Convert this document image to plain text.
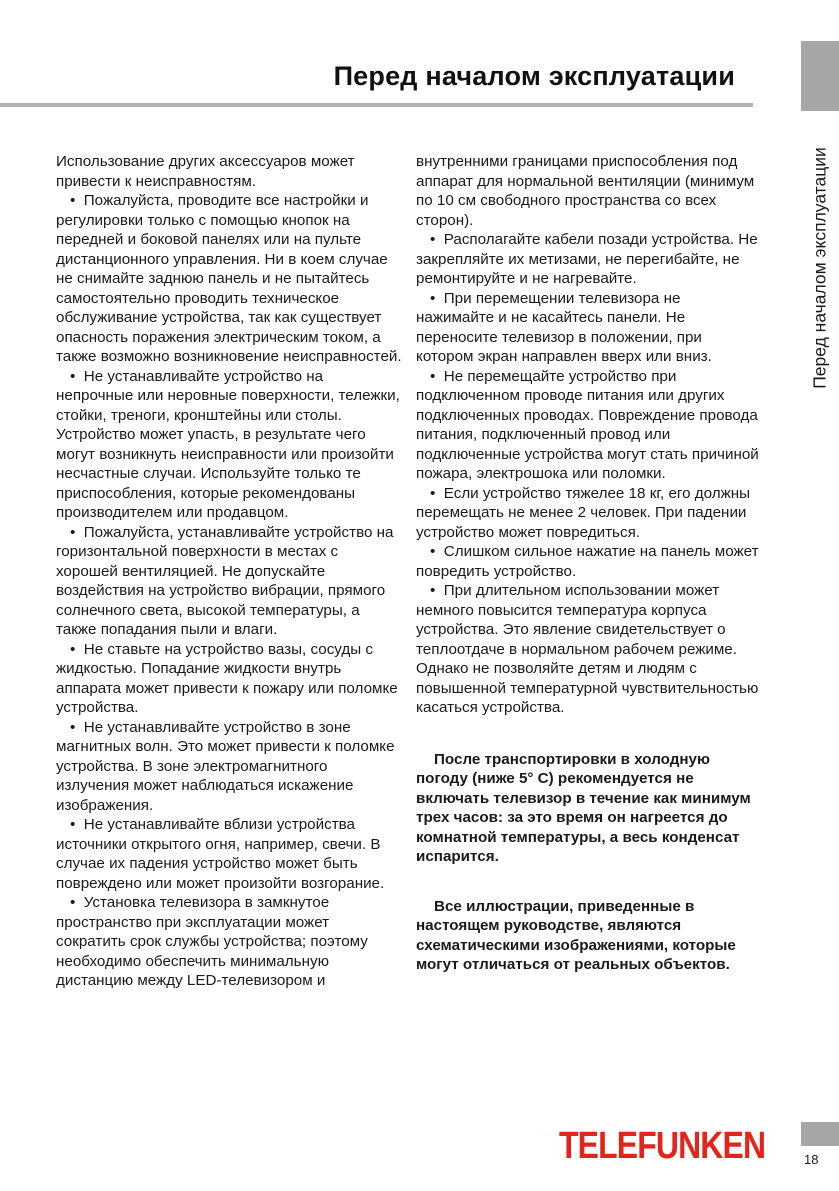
Перед началом эксплуатации
Перед началом эксплуатации

Использование других аксессуаров может привести к неисправностям.

•  Пожалуйста, проводите все настройки и регулировки только с помощью кнопок на передней и боковой панелях или на пульте дистанционного управления. Ни в коем случае не снимайте заднюю панель и не пытайтесь самостоятельно проводить техническое обслуживание устройства, так как существует опасность поражения электрическим током, а также возможно возникновение неисправностей.

•  Не устанавливайте устройство на непрочные или неровные поверхности, тележки, стойки, треноги, кронштейны или столы. Устройство может упасть, в результате чего могут возникнуть неисправности или произойти несчастные случаи. Используйте только те приспособления, которые рекомендованы производителем или продавцом.

•  Пожалуйста, устанавливайте устройство на горизонтальной поверхности в местах с хорошей вентиляцией. Не допускайте воздействия на устройство вибрации, прямого солнечного света, высокой температуры, а также попадания пыли и влаги.

•  Не ставьте на устройство вазы, сосуды с жидкостью. Попадание жидкости внутрь аппарата может привести к пожару или поломке устройства.

•  Не устанавливайте устройство в зоне магнитных волн. Это может привести к поломке устройства. В зоне электромагнитного излучения может наблюдаться искажение изображения.

•  Не устанавливайте вблизи устройства источники открытого огня, например, свечи. В случае их падения устройство может быть повреждено или может произойти возгорание.

•  Установка телевизора в замкнутое пространство при эксплуатации может сократить срок службы устройства; поэтому необходимо обеспечить минимальную дистанцию между LED-телевизором и

внутренними границами приспособления под аппарат для нормальной вентиляции (минимум по 10 см свободного пространства со всех сторон).

•  Располагайте кабели позади устройства. Не закрепляйте их метизами, не перегибайте, не ремонтируйте и не нагревайте.

•  При перемещении телевизора не нажимайте и не касайтесь панели. Не переносите телевизор в положении, при котором экран направлен вверх или вниз.

•  Не перемещайте устройство при подключенном проводе питания или других подключенных проводах. Повреждение провода питания, подключенный провод или подключенные устройства могут стать причиной пожара, электрошока или поломки.

•  Если устройство тяжелее 18 кг, его должны перемещать не менее 2 человек. При падении устройство может повредиться.

•  Слишком сильное нажатие на панель может повредить устройство.

•  При длительном использовании может немного повысится температура корпуса устройства. Это явление свидетельствует о теплоотдаче в нормальном рабочем режиме. Однако не позволяйте детям и людям с повышенной температурной чувствительностью касаться устройства.

После транспортировки в холодную погоду (ниже 5° C) рекомендуется не включать телевизор в течение как минимум трех часов: за это время он нагреется до комнатной температуры, а весь конденсат испарится.

Все иллюстрации, приведенные в настоящем руководстве, являются схематическими изображениями, которые могут отличаться от реальных объектов.

TELEFUNKEN	18
